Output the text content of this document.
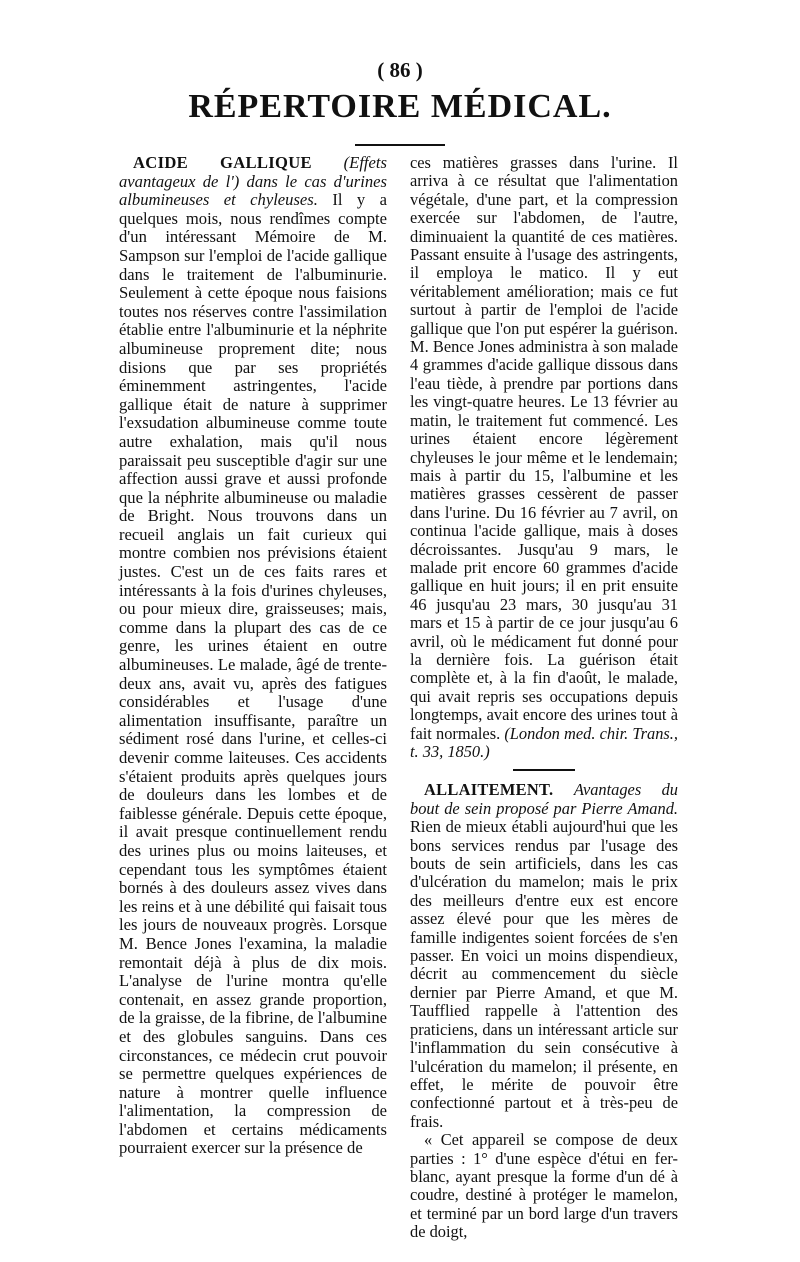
( 86 )
RÉPERTOIRE MÉDICAL.

ACIDE GALLIQUE (Effets avantageux de l') dans le cas d'urines albumineuses et chyleuses. Il y a quelques mois, nous rendîmes compte d'un intéressant Mémoire de M. Sampson sur l'emploi de l'acide gallique dans le traitement de l'albuminurie. Seulement à cette époque nous faisions toutes nos réserves contre l'assimilation établie entre l'albuminurie et la néphrite albumineuse proprement dite; nous disions que par ses propriétés éminemment astringentes, l'acide gallique était de nature à supprimer l'exsudation albumineuse comme toute autre exhalation, mais qu'il nous paraissait peu susceptible d'agir sur une affection aussi grave et aussi profonde que la néphrite albumineuse ou maladie de Bright. Nous trouvons dans un recueil anglais un fait curieux qui montre combien nos prévisions étaient justes. C'est un de ces faits rares et intéressants à la fois d'urines chyleuses, ou pour mieux dire, graisseuses; mais, comme dans la plupart des cas de ce genre, les urines étaient en outre albumineuses. Le malade, âgé de trente-deux ans, avait vu, après des fatigues considérables et l'usage d'une alimentation insuffisante, paraître un sédiment rosé dans l'urine, et celles-ci devenir comme laiteuses. Ces accidents s'étaient produits après quelques jours de douleurs dans les lombes et de faiblesse générale. Depuis cette époque, il avait presque continuellement rendu des urines plus ou moins laiteuses, et cependant tous les symptômes étaient bornés à des douleurs assez vives dans les reins et à une débilité qui faisait tous les jours de nouveaux progrès. Lorsque M. Bence Jones l'examina, la maladie remontait déjà à plus de dix mois. L'analyse de l'urine montra qu'elle contenait, en assez grande proportion, de la graisse, de la fibrine, de l'albumine et des globules sanguins. Dans ces circonstances, ce médecin crut pouvoir se permettre quelques expériences de nature à montrer quelle influence l'alimentation, la compression de l'abdomen et certains médicaments pourraient exercer sur la présence de

ces matières grasses dans l'urine. Il arriva à ce résultat que l'alimentation végétale, d'une part, et la compression exercée sur l'abdomen, de l'autre, diminuaient la quantité de ces matières. Passant ensuite à l'usage des astringents, il employa le matico. Il y eut véritablement amélioration; mais ce fut surtout à partir de l'emploi de l'acide gallique que l'on put espérer la guérison. M. Bence Jones administra à son malade 4 grammes d'acide gallique dissous dans l'eau tiède, à prendre par portions dans les vingt-quatre heures. Le 13 février au matin, le traitement fut commencé. Les urines étaient encore légèrement chyleuses le jour même et le lendemain; mais à partir du 15, l'albumine et les matières grasses cessèrent de passer dans l'urine. Du 16 février au 7 avril, on continua l'acide gallique, mais à doses décroissantes. Jusqu'au 9 mars, le malade prit encore 60 grammes d'acide gallique en huit jours; il en prit ensuite 46 jusqu'au 23 mars, 30 jusqu'au 31 mars et 15 à partir de ce jour jusqu'au 6 avril, où le médicament fut donné pour la dernière fois. La guérison était complète et, à la fin d'août, le malade, qui avait repris ses occupations depuis longtemps, avait encore des urines tout à fait normales. (London med. chir. Trans., t. 33, 1850.)

ALLAITEMENT. Avantages du bout de sein proposé par Pierre Amand. Rien de mieux établi aujourd'hui que les bons services rendus par l'usage des bouts de sein artificiels, dans les cas d'ulcération du mamelon; mais le prix des meilleurs d'entre eux est encore assez élevé pour que les mères de famille indigentes soient forcées de s'en passer. En voici un moins dispendieux, décrit au commencement du siècle dernier par Pierre Amand, et que M. Taufflied rappelle à l'attention des praticiens, dans un intéressant article sur l'inflammation du sein consécutive à l'ulcération du mamelon; il présente, en effet, le mérite de pouvoir être confectionné partout et à très-peu de frais.

« Cet appareil se compose de deux parties : 1° d'une espèce d'étui en fer-blanc, ayant presque la forme d'un dé à coudre, destiné à protéger le mamelon, et terminé par un bord large d'un travers de doigt,
